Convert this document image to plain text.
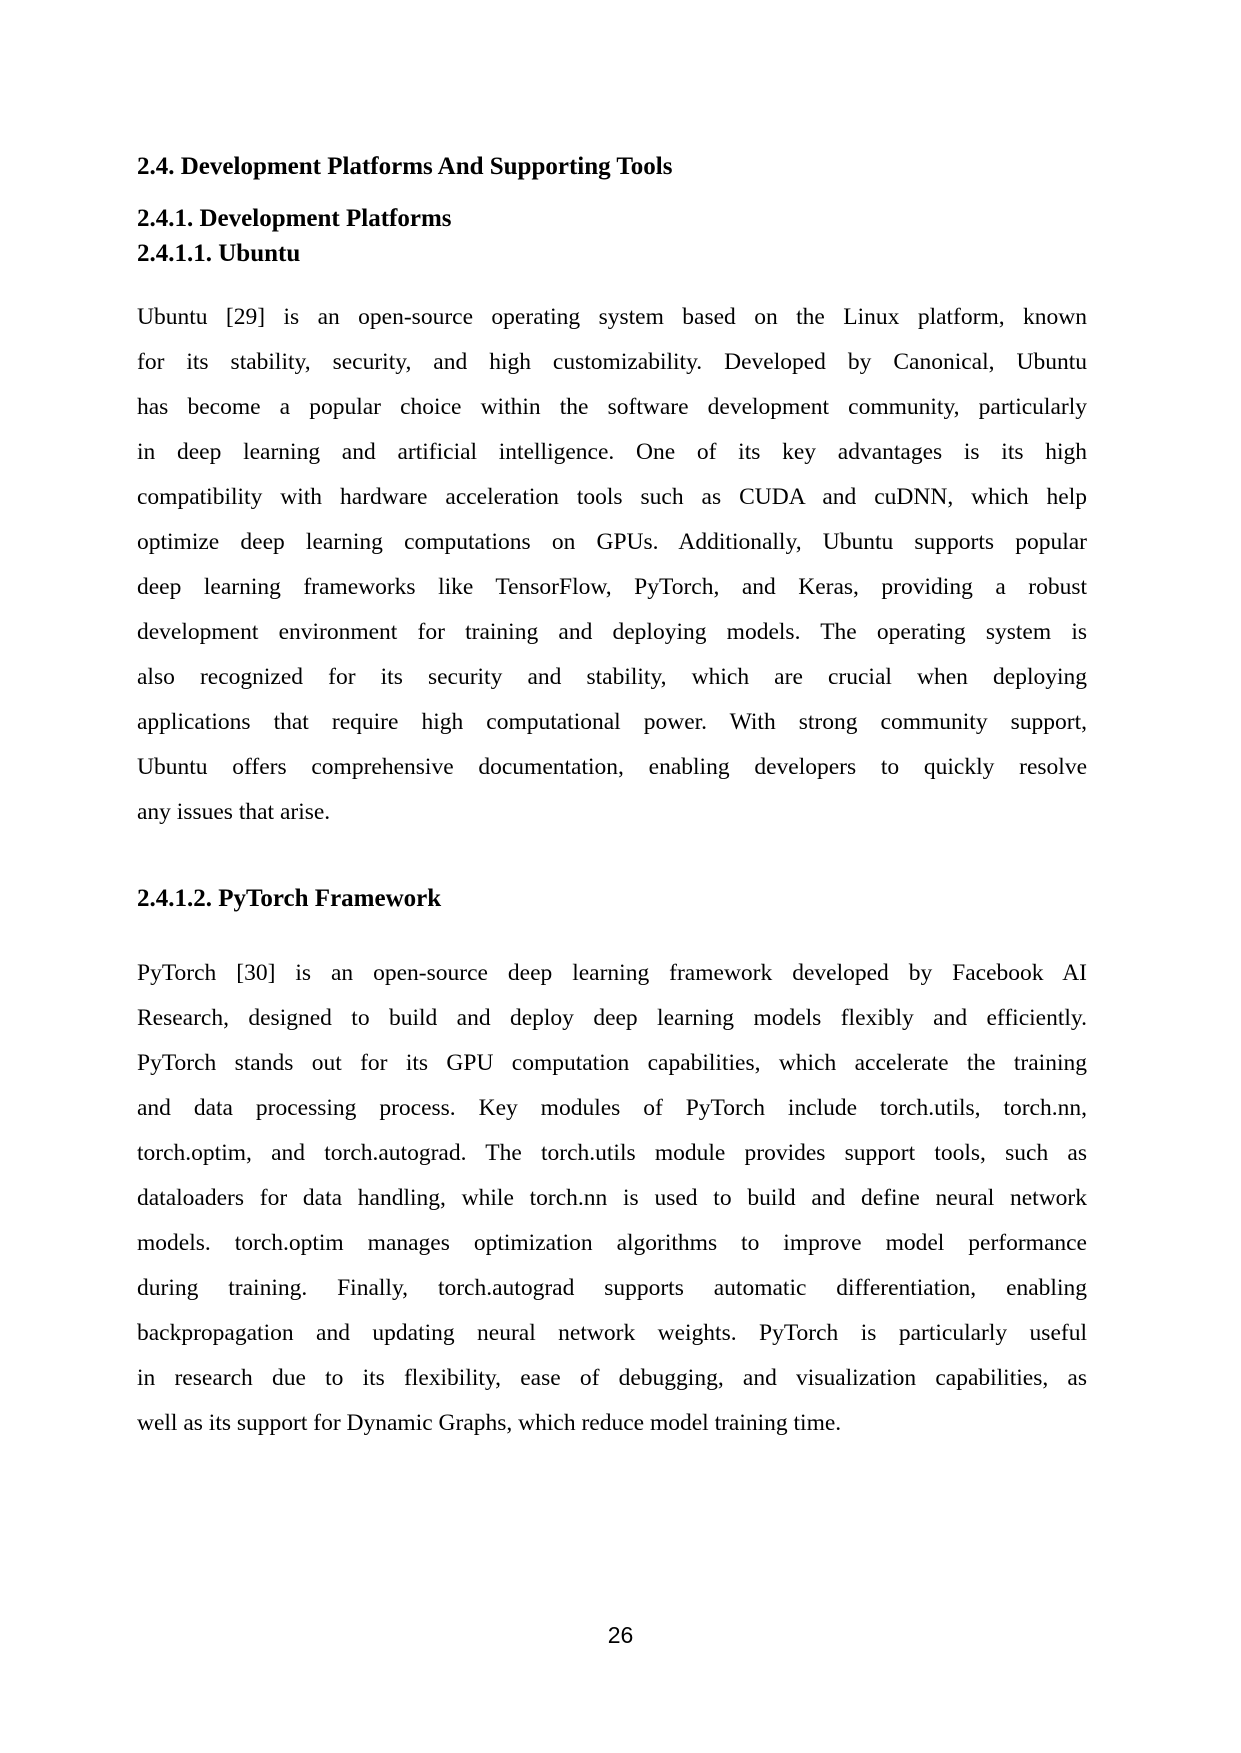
2.4. Development Platforms And Supporting Tools
2.4.1. Development Platforms
2.4.1.1. Ubuntu
Ubuntu [29] is an open-source operating system based on the Linux platform, known
for its stability, security, and high customizability. Developed by Canonical, Ubuntu
has become a popular choice within the software development community, particularly
in deep learning and artificial intelligence. One of its key advantages is its high
compatibility with hardware acceleration tools such as CUDA and cuDNN, which help
optimize deep learning computations on GPUs. Additionally, Ubuntu supports popular
deep learning frameworks like TensorFlow, PyTorch, and Keras, providing a robust
development environment for training and deploying models. The operating system is
also recognized for its security and stability, which are crucial when deploying
applications that require high computational power. With strong community support,
Ubuntu offers comprehensive documentation, enabling developers to quickly resolve
any issues that arise.
2.4.1.2. PyTorch Framework
PyTorch [30] is an open-source deep learning framework developed by Facebook AI
Research, designed to build and deploy deep learning models flexibly and efficiently.
PyTorch stands out for its GPU computation capabilities, which accelerate the training
and data processing process. Key modules of PyTorch include torch.utils, torch.nn,
torch.optim, and torch.autograd. The torch.utils module provides support tools, such as
dataloaders for data handling, while torch.nn is used to build and define neural network
models. torch.optim manages optimization algorithms to improve model performance
during training. Finally, torch.autograd supports automatic differentiation, enabling
backpropagation and updating neural network weights. PyTorch is particularly useful
in research due to its flexibility, ease of debugging, and visualization capabilities, as
well as its support for Dynamic Graphs, which reduce model training time.
26
